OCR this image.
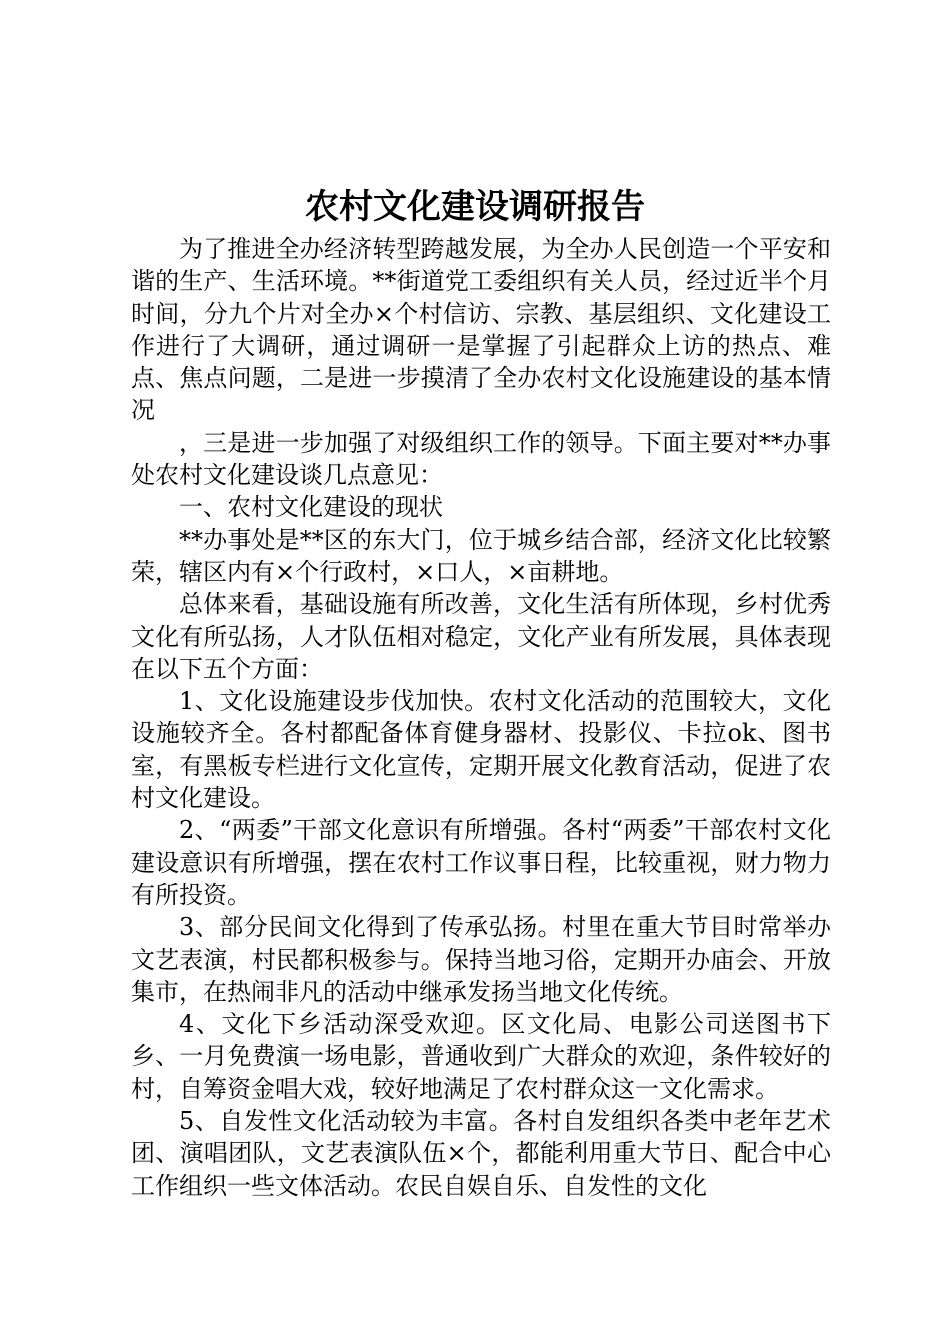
农村文化建设调研报告

为了推进全办经济转型跨越发展，为全办人民创造一个平安和谐的生产、生活环境。**街道党工委组织有关人员，经过近半个月时间，分九个片对全办×个村信访、宗教、基层组织、文化建设工作进行了大调研，通过调研一是掌握了引起群众上访的热点、难点、焦点问题，二是进一步摸清了全办农村文化设施建设的基本情况

，三是进一步加强了对级组织工作的领导。下面主要对**办事处农村文化建设谈几点意见：

一、农村文化建设的现状

**办事处是**区的东大门，位于城乡结合部，经济文化比较繁荣，辖区内有×个行政村，×口人，×亩耕地。

总体来看，基础设施有所改善，文化生活有所体现，乡村优秀文化有所弘扬，人才队伍相对稳定，文化产业有所发展，具体表现在以下五个方面：

1、文化设施建设步伐加快。农村文化活动的范围较大，文化设施较齐全。各村都配备体育健身器材、投影仪、卡拉ok、图书室，有黑板专栏进行文化宣传，定期开展文化教育活动，促进了农村文化建设。

2、“两委”干部文化意识有所增强。各村“两委”干部农村文化建设意识有所增强，摆在农村工作议事日程，比较重视，财力物力有所投资。

3、部分民间文化得到了传承弘扬。村里在重大节目时常举办文艺表演，村民都积极参与。保持当地习俗，定期开办庙会、开放集市，在热闹非凡的活动中继承发扬当地文化传统。

4、文化下乡活动深受欢迎。区文化局、电影公司送图书下乡、一月免费演一场电影，普通收到广大群众的欢迎，条件较好的村，自筹资金唱大戏，较好地满足了农村群众这一文化需求。

5、自发性文化活动较为丰富。各村自发组织各类中老年艺术团、演唱团队，文艺表演队伍×个，都能利用重大节日、配合中心工作组织一些文体活动。农民自娱自乐、自发性的文化
